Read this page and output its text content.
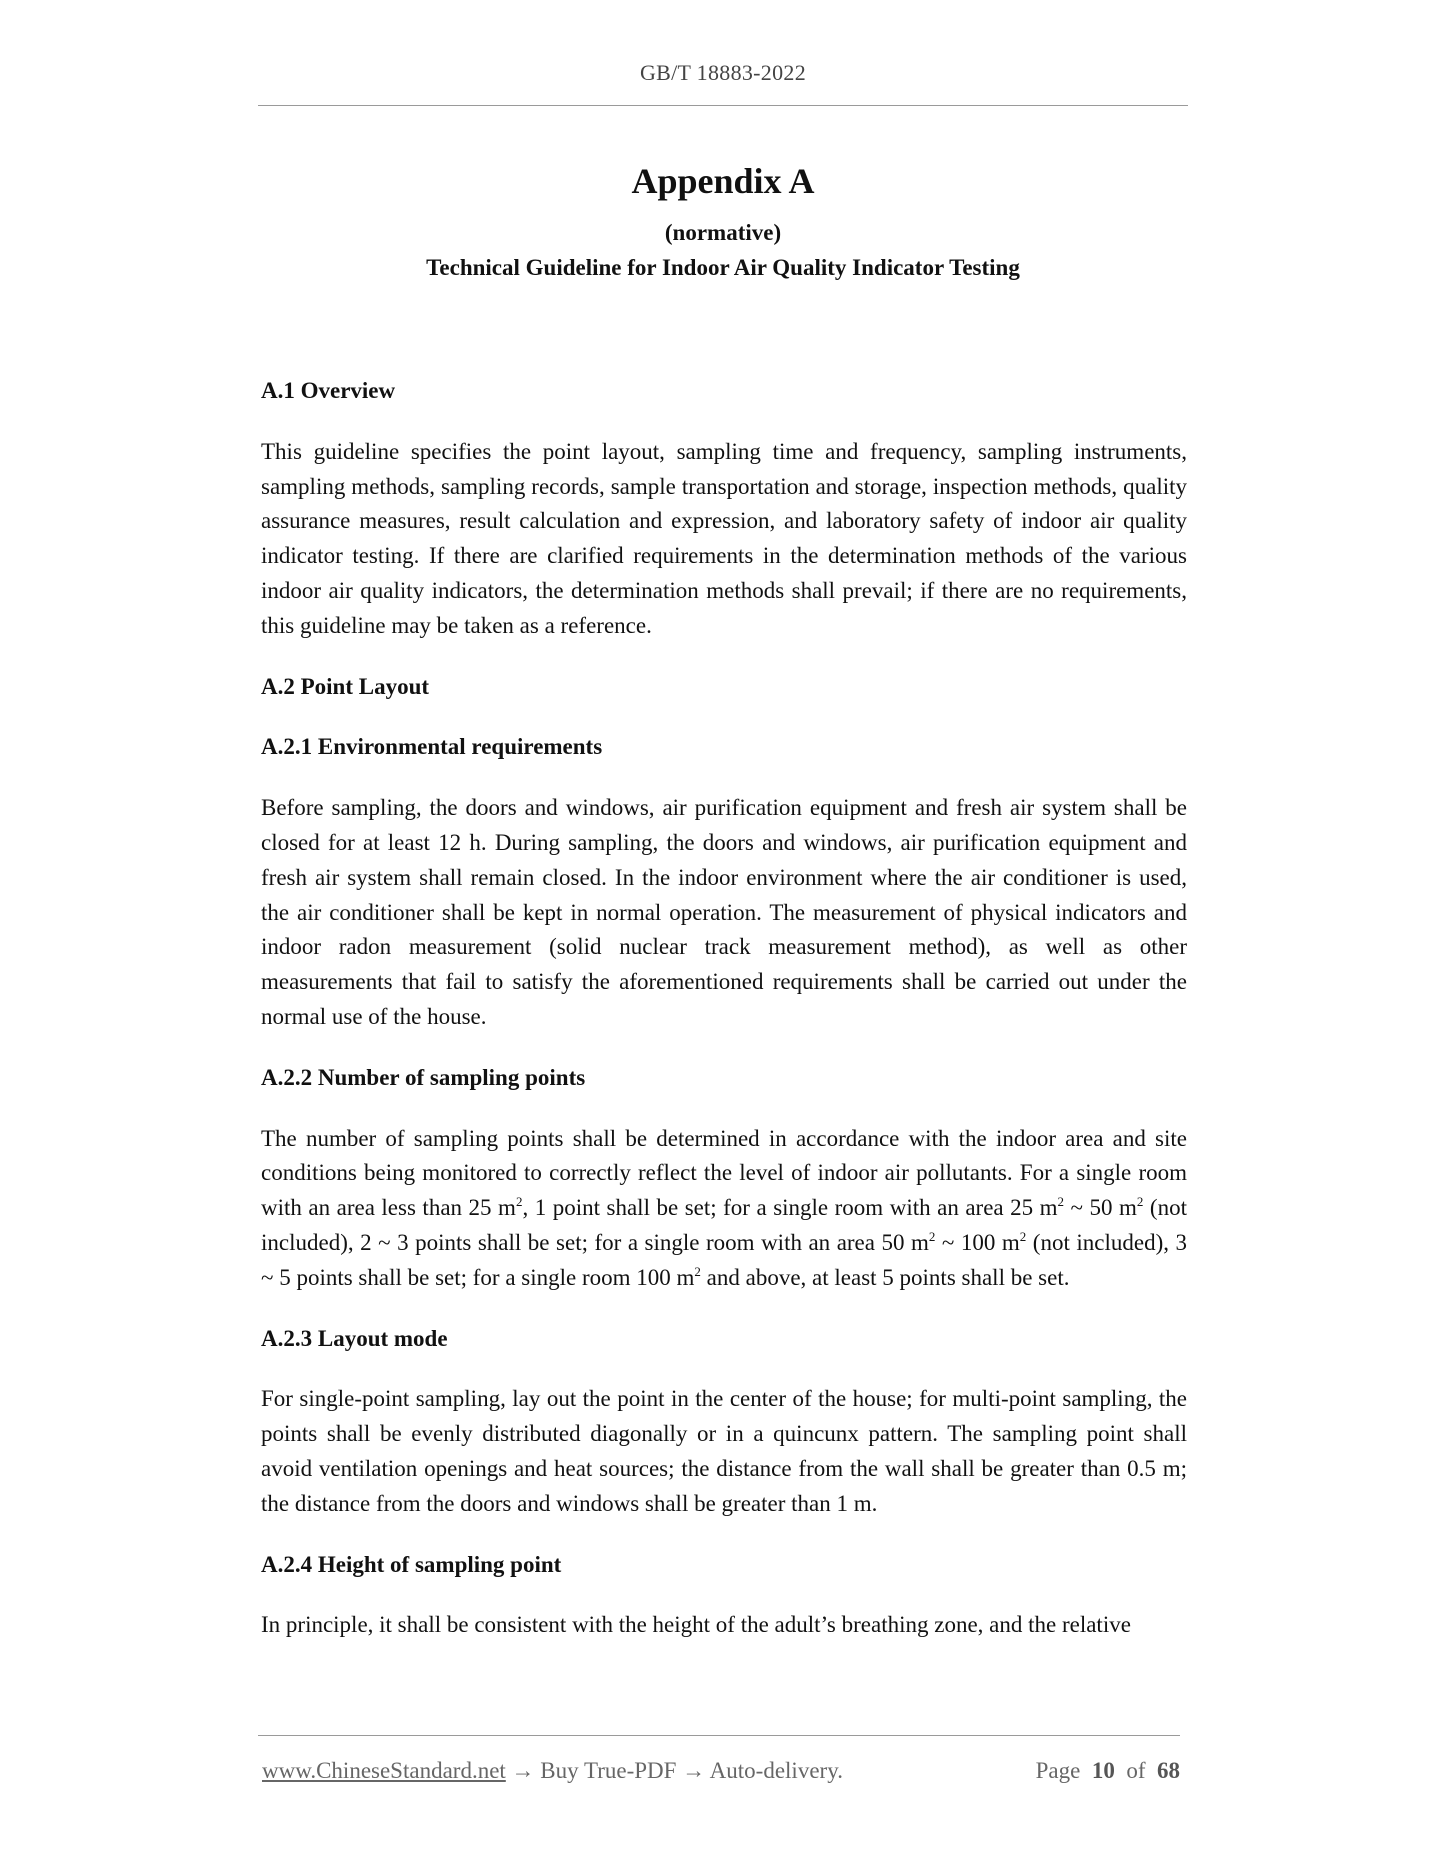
GB/T 18883-2022
Appendix A
(normative)
Technical Guideline for Indoor Air Quality Indicator Testing
A.1 Overview

This guideline specifies the point layout, sampling time and frequency, sampling instruments, sampling methods, sampling records, sample transportation and storage, inspection methods, quality assurance measures, result calculation and expression, and laboratory safety of indoor air quality indicator testing. If there are clarified requirements in the determination methods of the various indoor air quality indicators, the determination methods shall prevail; if there are no requirements, this guideline may be taken as a reference.

A.2 Point Layout
A.2.1 Environmental requirements

Before sampling, the doors and windows, air purification equipment and fresh air system shall be closed for at least 12 h. During sampling, the doors and windows, air purification equipment and fresh air system shall remain closed. In the indoor environment where the air conditioner is used, the air conditioner shall be kept in normal operation. The measurement of physical indicators and indoor radon measurement (solid nuclear track measurement method), as well as other measurements that fail to satisfy the aforementioned requirements shall be carried out under the normal use of the house.

A.2.2 Number of sampling points

The number of sampling points shall be determined in accordance with the indoor area and site conditions being monitored to correctly reflect the level of indoor air pollutants. For a single room with an area less than 25 $m^2$, 1 point shall be set; for a single room with an area 25 $m^2$ ~ 50 $m^2$ (not included), 2 ~ 3 points shall be set; for a single room with an area 50 $m^2$ ~ 100 $m^2$ (not included), 3 ~ 5 points shall be set; for a single room 100 $m^2$ and above, at least 5 points shall be set.

A.2.3 Layout mode

For single-point sampling, lay out the point in the center of the house; for multi-point sampling, the points shall be evenly distributed diagonally or in a quincunx pattern. The sampling point shall avoid ventilation openings and heat sources; the distance from the wall shall be greater than 0.5 m; the distance from the doors and windows shall be greater than 1 m.

A.2.4 Height of sampling point

In principle, it shall be consistent with the height of the adult’s breathing zone, and the relative

www.ChineseStandard.net → Buy True-PDF → Auto-delivery.	Page 10 of 68
